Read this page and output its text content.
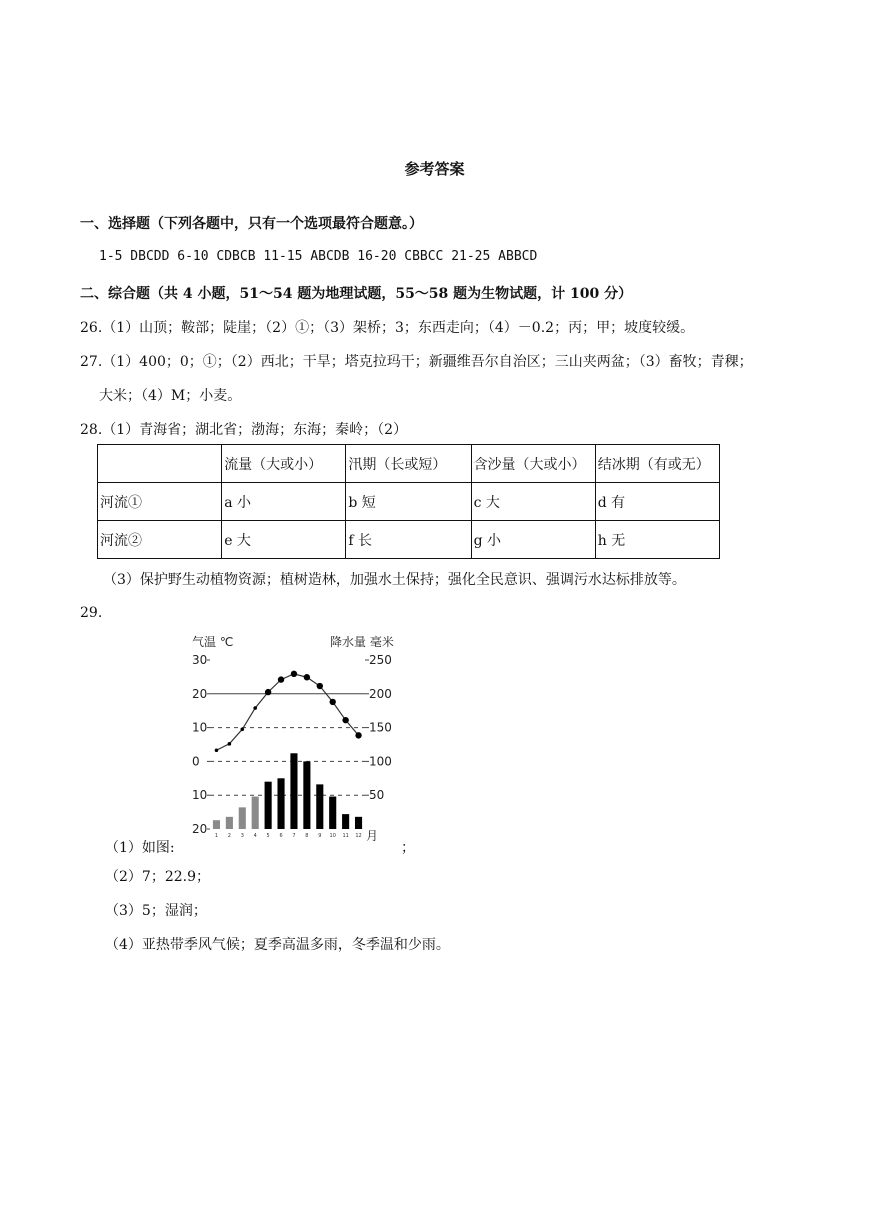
参考答案
一、选择题（下列各题中，只有一个选项最符合题意。）
1-5 DBCDD 6-10 CDBCB 11-15 ABCDB 16-20 CBBCC 21-25 ABBCD
二、综合题（共 4 小题，51～54 题为地理试题，55～58 题为生物试题，计 100 分）
26.（1）山顶；鞍部；陡崖；（2）①；（3）架桥；3；东西走向；（4）－0.2；丙；甲；坡度较缓。
27.（1）400；0；①；（2）西北；干旱；塔克拉玛干；新疆维吾尔自治区；三山夹两盆；（3）畜牧；青稞；
大米；（4）M；小麦。
28.（1）青海省；湖北省；渤海；东海；秦岭；（2）
	流量（大或小）	汛期（长或短）	含沙量（大或小）	结冰期（有或无）
河流①	a 小	b 短	c 大	d 有
河流②	e 大	f 长	g 小	h 无
（3）保护野生动植物资源；植树造林，加强水土保持；强化全民意识、强调污水达标排放等。
29.
30
20
10
0
10
20
250
200
150
100
50
1 2 3 4 5 6 7 8 9 10 11 12
气温 ℃	降水量 毫米
月
（1）如图:	；
（2）7；22.9；
（3）5；湿润；
（4）亚热带季风气候；夏季高温多雨，冬季温和少雨。
